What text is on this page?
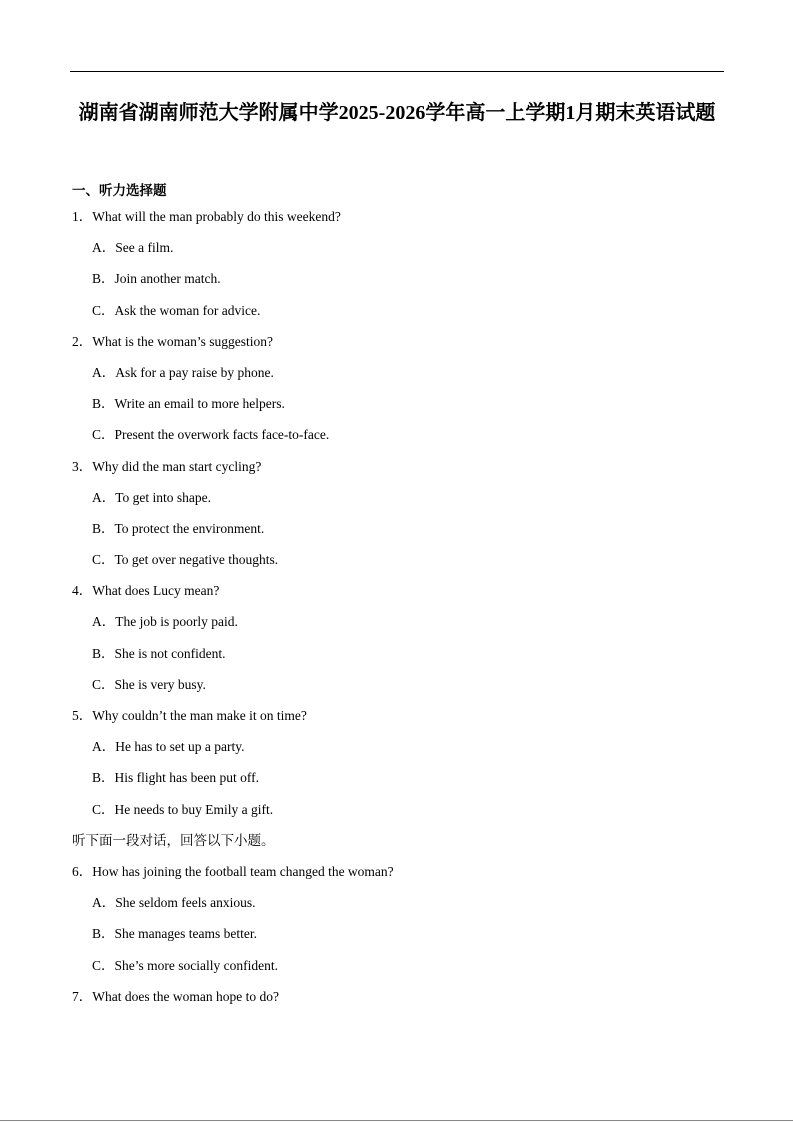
湖南省湖南师范大学附属中学2025-2026学年高一上学期1月期末英语试题
一、听力选择题
1．What will the man probably do this weekend?
A．See a film.
B．Join another match.
C．Ask the woman for advice.
2．What is the woman’s suggestion?
A．Ask for a pay raise by phone.
B．Write an email to more helpers.
C．Present the overwork facts face-to-face.
3．Why did the man start cycling?
A．To get into shape.
B．To protect the environment.
C．To get over negative thoughts.
4．What does Lucy mean?
A．The job is poorly paid.
B．She is not confident.
C．She is very busy.
5．Why couldn’t the man make it on time?
A．He has to set up a party.
B．His flight has been put off.
C．He needs to buy Emily a gift.
听下面一段对话，回答以下小题。
6．How has joining the football team changed the woman?
A．She seldom feels anxious.
B．She manages teams better.
C．She’s more socially confident.
7．What does the woman hope to do?
